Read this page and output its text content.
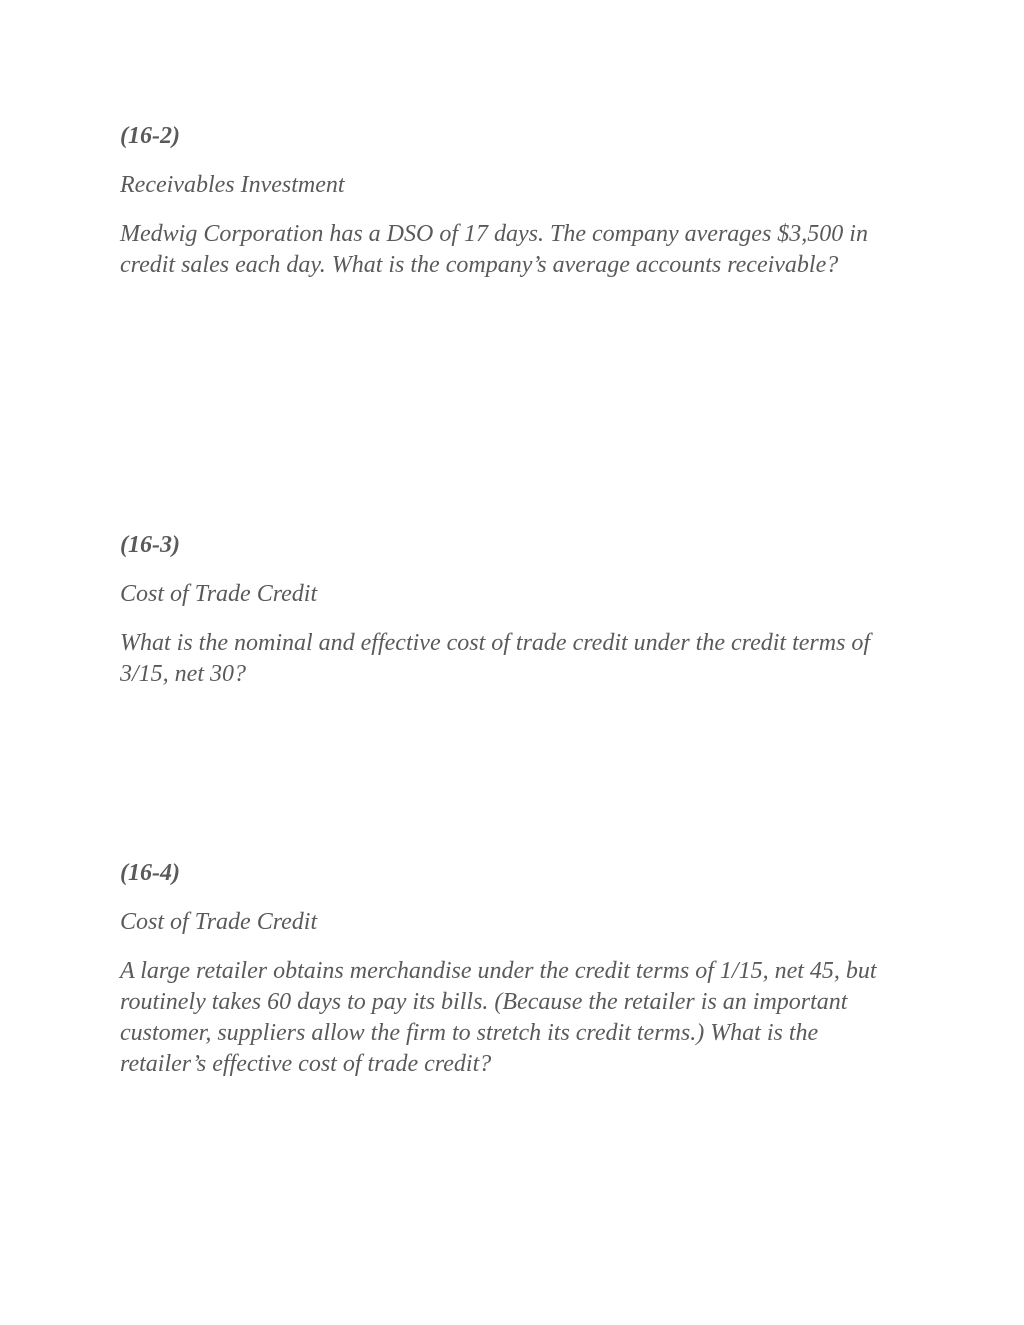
(16-2)

Receivables Investment

Medwig Corporation has a DSO of 17 days. The company averages $3,500 in credit sales each day. What is the company’s average accounts receivable?

(16-3)

Cost of Trade Credit

What is the nominal and effective cost of trade credit under the credit terms of 3/15, net 30?

(16-4)

Cost of Trade Credit

A large retailer obtains merchandise under the credit terms of 1/15, net 45, but routinely takes 60 days to pay its bills. (Because the retailer is an important customer, suppliers allow the firm to stretch its credit terms.) What is the retailer’s effective cost of trade credit?
